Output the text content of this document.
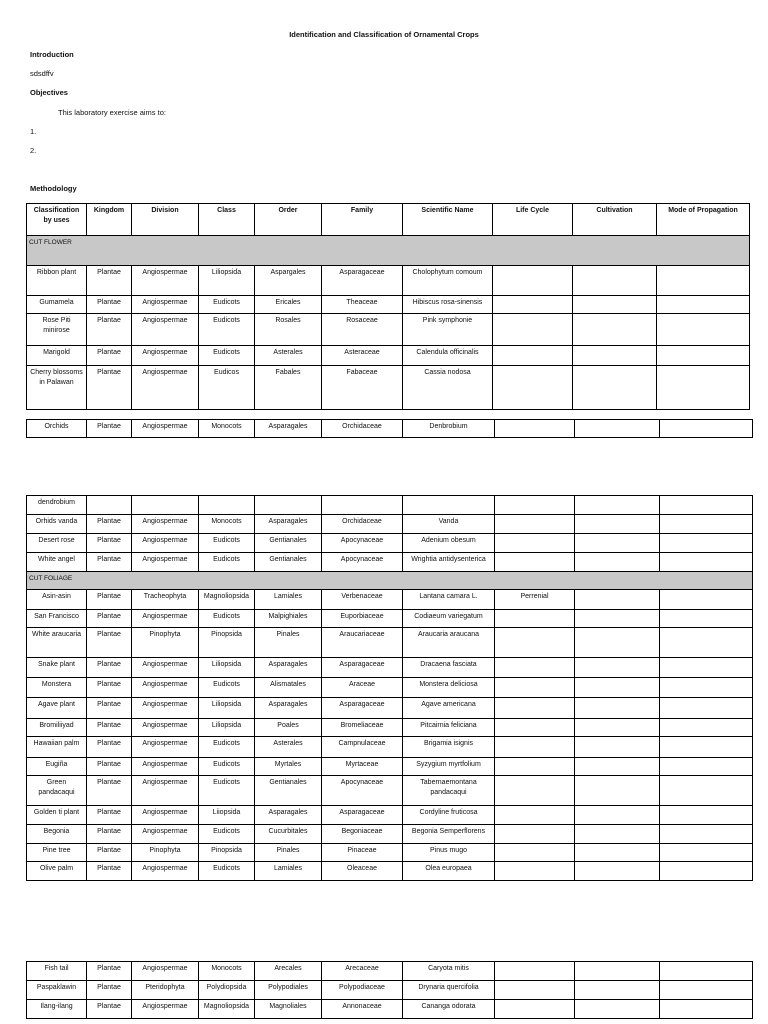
Identification and Classification of Ornamental Crops
Introduction
sdsdffv
Objectives
This laboratory exercise aims to:
1.
2.
Methodology
Classification by uses	Kingdom	Division	Class	Order	Family	Scientific Name	Life Cycle	Cultivation	Mode of Propagation
CUT FLOWER									
Ribbon plant	Plantae	Angiospermae	Liliopsida	Aspargales	Asparagaceae	Cholophytum comoum			
Gumamela	Plantae	Angiospermae	Eudicots	Ericales	Theaceae	Hibiscus rosa-sinensis			
Rose Piti minirose	Plantae	Angiospermae	Eudicots	Rosales	Rosaceae	Pink symphonie			
Marigold	Plantae	Angiospermae	Eudicots	Asterales	Asteraceae	Calendula officinalis			
Cherry blossoms in Palawan	Plantae	Angiospermae	Eudicos	Fabales	Fabaceae	Cassia nodosa			
Orchids	Plantae	Angiospermae	Monocots	Asparagales	Orchidaceae	Denbrobium			
dendrobium									
Orhids vanda	Plantae	Angiospermae	Monocots	Asparagales	Orchidaceae	Vanda			
Desert rose	Plantae	Angiospermae	Eudicots	Gentianales	Apocynaceae	Adenium obesum			
White angel	Plantae	Angiospermae	Eudicots	Gentianales	Apocynaceae	Wrightia antidysenterica			
CUT FOLIAGE									
Asin-asin	Plantae	Tracheophyta	Magnoliopsida	Lamiales	Verbenaceae	Lantana camara L.	Perrenial		
San Francisco	Plantae	Angiospermae	Eudicots	Malpighiales	Euporbiaceae	Codiaeum variegatum			
White araucaria	Plantae	Pinophyta	Pinopsida	Pinales	Araucariaceae	Araucaria araucana			
Snake plant	Plantae	Angiospermae	Liliopsida	Asparagales	Asparagaceae	Dracaena fasciata			
Monstera	Plantae	Angiospermae	Eudicots	Alismatales	Araceae	Monstera deliciosa			
Agave plant	Plantae	Angiospermae	Liliopsida	Asparagales	Asparagaceae	Agave americana			
Bromiliiyad	Plantae	Angiospermae	Liliopsida	Poales	Bromeliaceae	Pitcairnia feliciana			
Hawaiian palm	Plantae	Angiospermae	Eudicots	Asterales	Campnulaceae	Brigamia isignis			
Eugiña	Plantae	Angiospermae	Eudicots	Myrtales	Myrtaceae	Syzygium myrtfolium			
Green pandacaqui	Plantae	Angiospermae	Eudicots	Gentianales	Apocynaceae	Tabernaemontana pandacaqui			
Golden ti plant	Plantae	Angiospermae	Liiopsida	Asparagales	Asparagaceae	Cordyline fruticosa			
Begonia	Plantae	Angiospermae	Eudicots	Cucurbitales	Begoniaceae	Begonia Semperflorens			
Pine tree	Plantae	Pinophyta	Pinopsida	Pinales	Pinaceae	Pinus mugo			
Olive palm	Plantae	Angiospermae	Eudicots	Lamiales	Oleaceae	Olea europaea			
Fish tail	Plantae	Angiospermae	Monocots	Arecales	Arecaceae	Caryota mitis			
Paspaklawin	Plantae	Pteridophyta	Polydiopsida	Polypodiales	Polypodiaceae	Drynaria quercifolia			
Ilang-ilang	Plantae	Angiospermae	Magnoliopsida	Magnoliales	Annonaceae	Cananga odorata			
